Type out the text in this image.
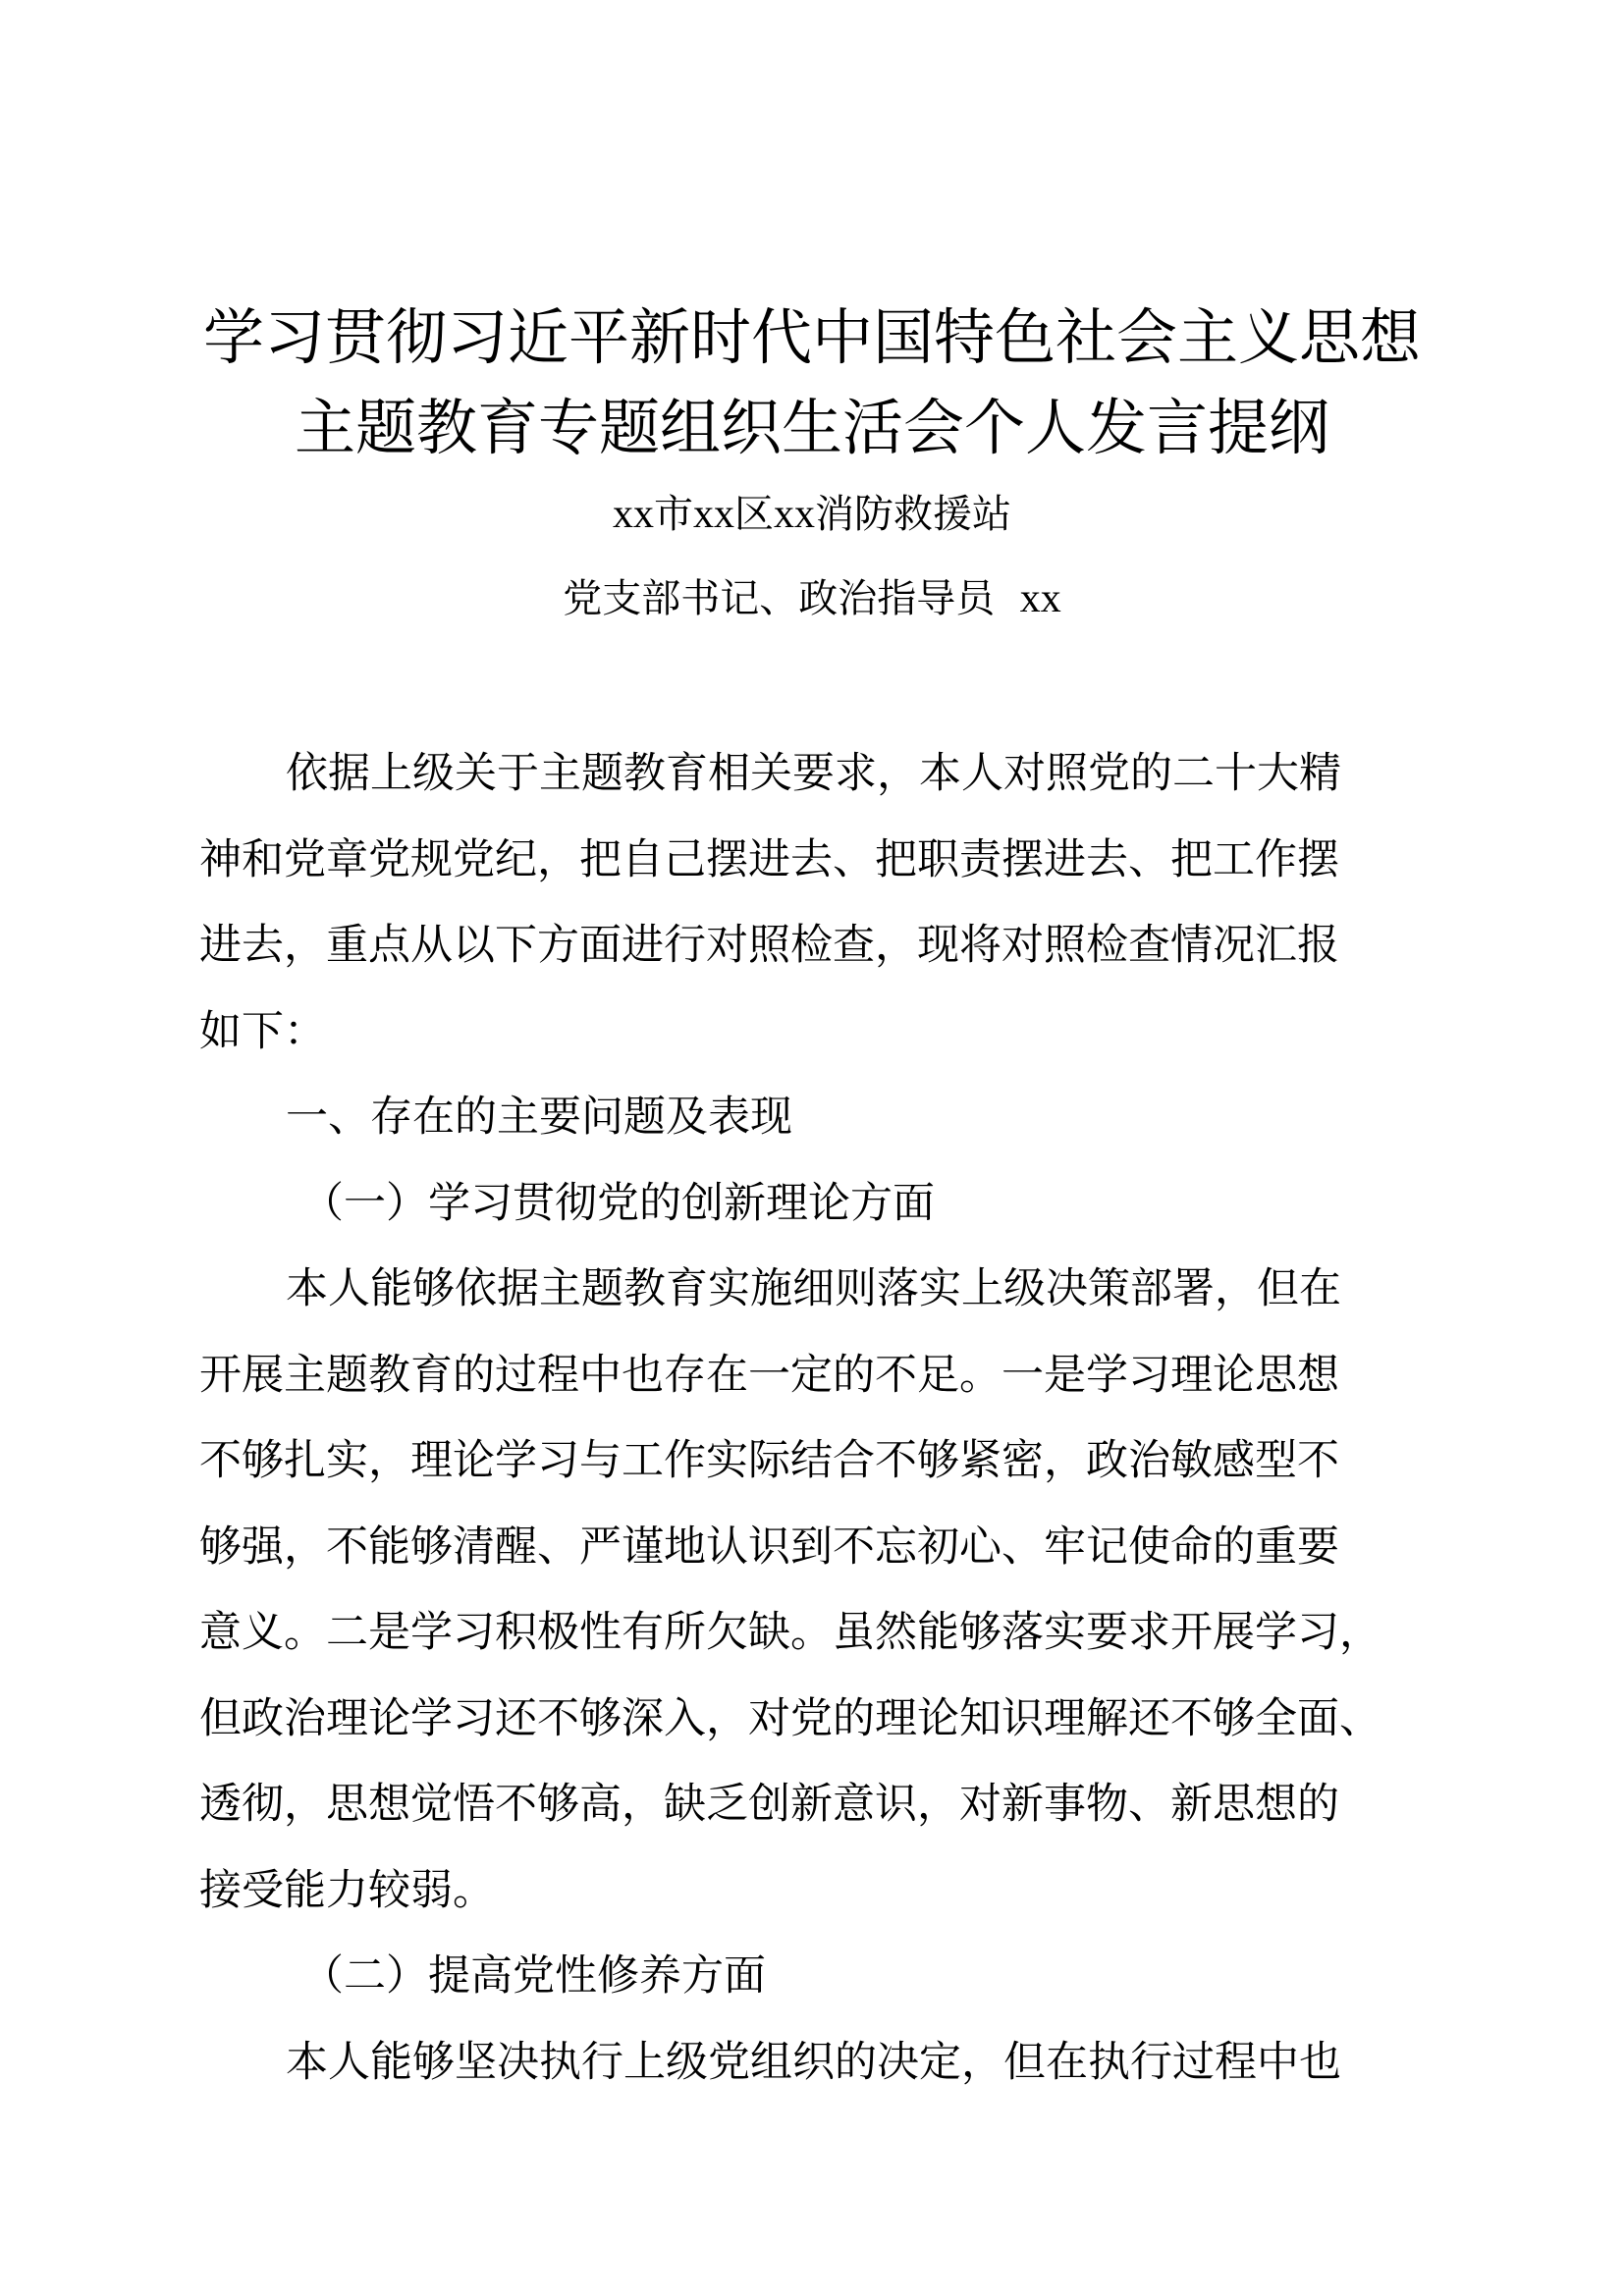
学习贯彻习近平新时代中国特色社会主义思想
主题教育专题组织生活会个人发言提纲
xx市xx区xx消防救援站
党支部书记、政治指导员 xx
依据上级关于主题教育相关要求，本人对照党的二十大精
神和党章党规党纪，把自己摆进去、把职责摆进去、把工作摆
进去，重点从以下方面进行对照检查，现将对照检查情况汇报
如下：
一、存在的主要问题及表现
（一）学习贯彻党的创新理论方面
本人能够依据主题教育实施细则落实上级决策部署，但在
开展主题教育的过程中也存在一定的不足。一是学习理论思想
不够扎实，理论学习与工作实际结合不够紧密，政治敏感型不
够强，不能够清醒、严谨地认识到不忘初心、牢记使命的重要
意义。二是学习积极性有所欠缺。虽然能够落实要求开展学习，
但政治理论学习还不够深入，对党的理论知识理解还不够全面、
透彻，思想觉悟不够高，缺乏创新意识，对新事物、新思想的
接受能力较弱。
（二）提高党性修养方面
本人能够坚决执行上级党组织的决定，但在执行过程中也
